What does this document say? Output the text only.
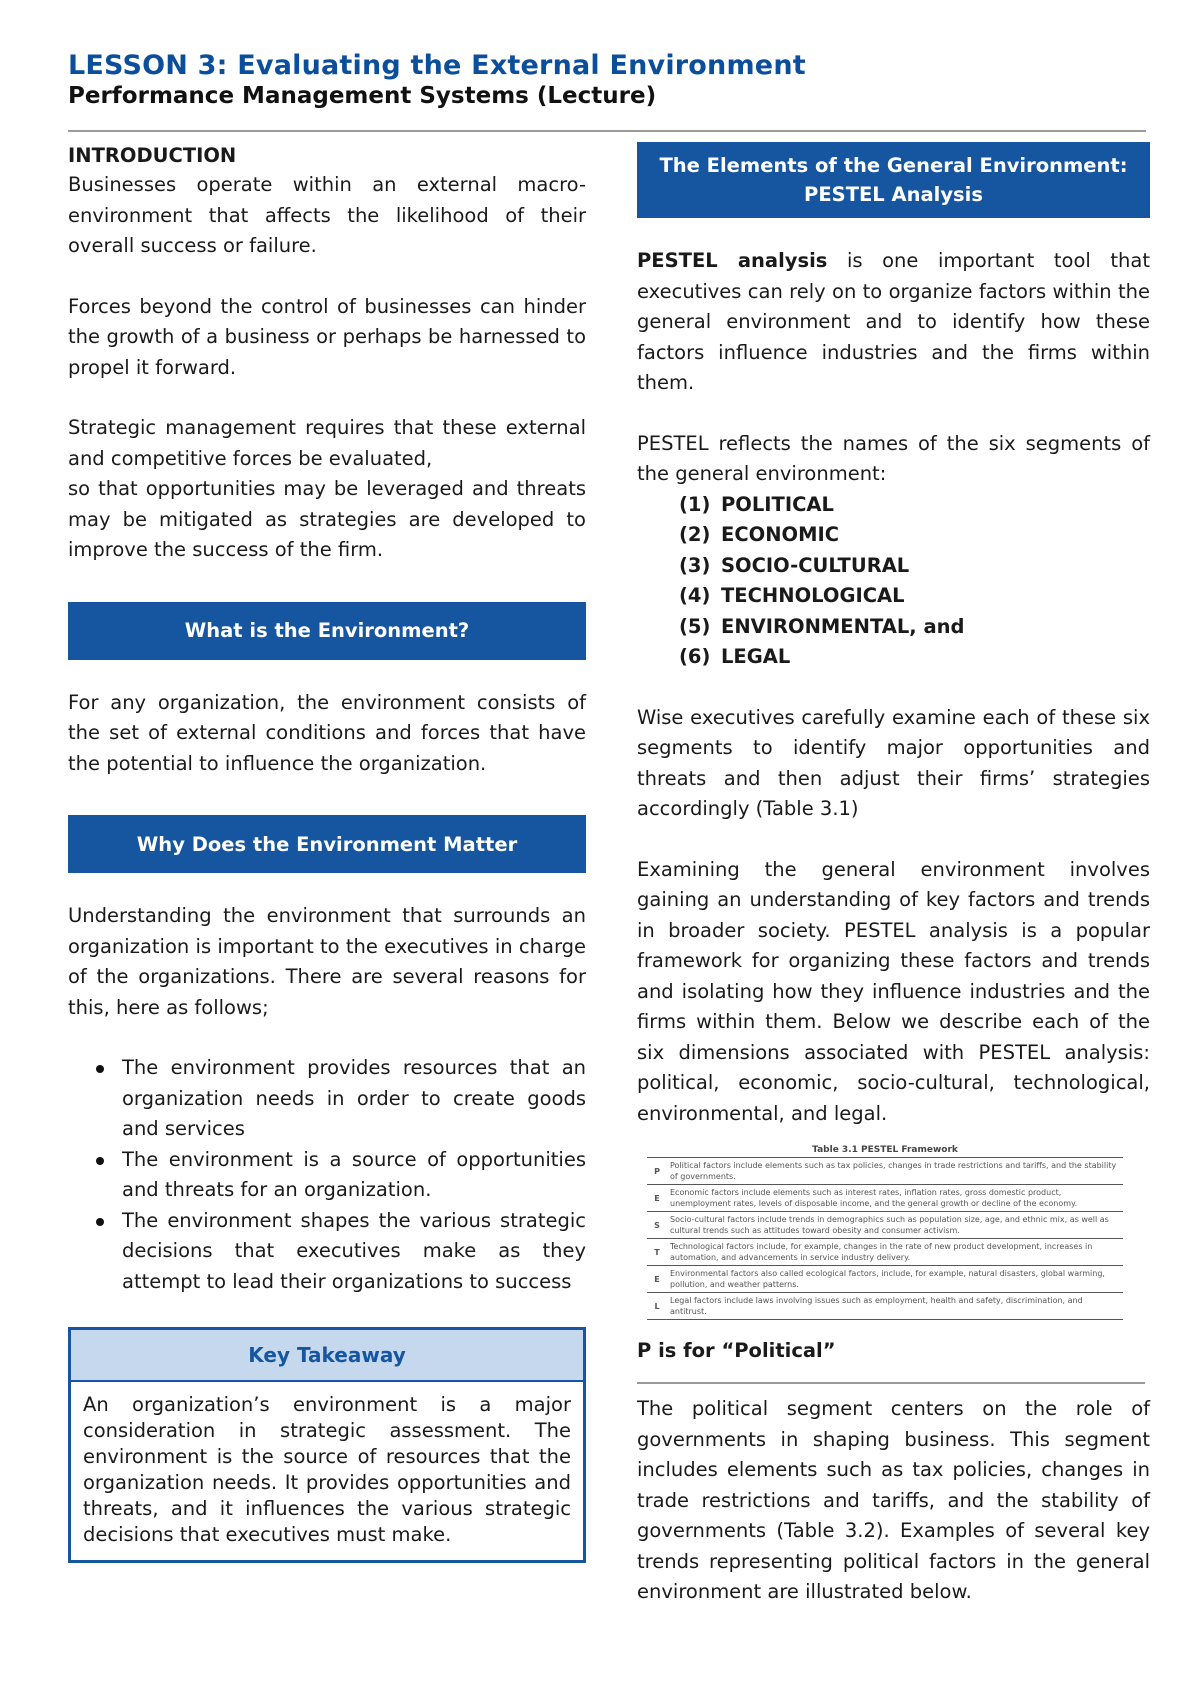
LESSON 3: Evaluating the External Environment
Performance Management Systems (Lecture)
INTRODUCTION

Businesses operate within an external macro-environment that affects the likelihood of their overall success or failure.

Forces beyond the control of businesses can hinder the growth of a business or perhaps be harnessed to propel it forward.

Strategic management requires that these external and competitive forces be evaluated,

so that opportunities may be leveraged and threats may be mitigated as strategies are developed to improve the success of the firm.

What is the Environment?

For any organization, the environment consists of the set of external conditions and forces that have the potential to influence the organization.

Why Does the Environment Matter

Understanding the environment that surrounds an organization is important to the executives in charge of the organizations. There are several reasons for this, here as follows;

The environment provides resources that an organization needs in order to create goods and services
The environment is a source of opportunities and threats for an organization.
The environment shapes the various strategic decisions that executives make as they attempt to lead their organizations to success
Key Takeaway
An organization’s environment is a major consideration in strategic assessment. The environment is the source of resources that the organization needs. It provides opportunities and threats, and it influences the various strategic decisions that executives must make.
The Elements of the General Environment:
PESTEL Analysis

PESTEL analysis is one important tool that executives can rely on to organize factors within the general environment and to identify how these factors influence industries and the firms within them.

PESTEL reflects the names of the six segments of the general environment:

(1) POLITICAL
(2) ECONOMIC
(3) SOCIO-CULTURAL
(4) TECHNOLOGICAL
(5) ENVIRONMENTAL, and
(6) LEGAL

Wise executives carefully examine each of these six segments to identify major opportunities and threats and then adjust their firms’ strategies accordingly (Table 3.1)

Examining the general environment involves gaining an understanding of key factors and trends in broader society. PESTEL analysis is a popular framework for organizing these factors and trends and isolating how they influence industries and the firms within them. Below we describe each of the six dimensions associated with PESTEL analysis: political, economic, socio-cultural, technological, environmental, and legal.

Table 3.1 PESTEL Framework
P	Political factors include elements such as tax policies, changes in trade restrictions and tariffs, and the stability of governments.
E	Economic factors include elements such as interest rates, inflation rates, gross domestic product, unemployment rates, levels of disposable income, and the general growth or decline of the economy.
S	Socio-cultural factors include trends in demographics such as population size, age, and ethnic mix, as well as cultural trends such as attitudes toward obesity and consumer activism.
T	Technological factors include, for example, changes in the rate of new product development, increases in automation, and advancements in service industry delivery.
E	Environmental factors also called ecological factors, include, for example, natural disasters, global warming, pollution, and weather patterns.
L	Legal factors include laws involving issues such as employment, health and safety, discrimination, and antitrust.
P is for “Political”

The political segment centers on the role of governments in shaping business. This segment includes elements such as tax policies, changes in trade restrictions and tariffs, and the stability of governments (Table 3.2). Examples of several key trends representing political factors in the general environment are illustrated below.
